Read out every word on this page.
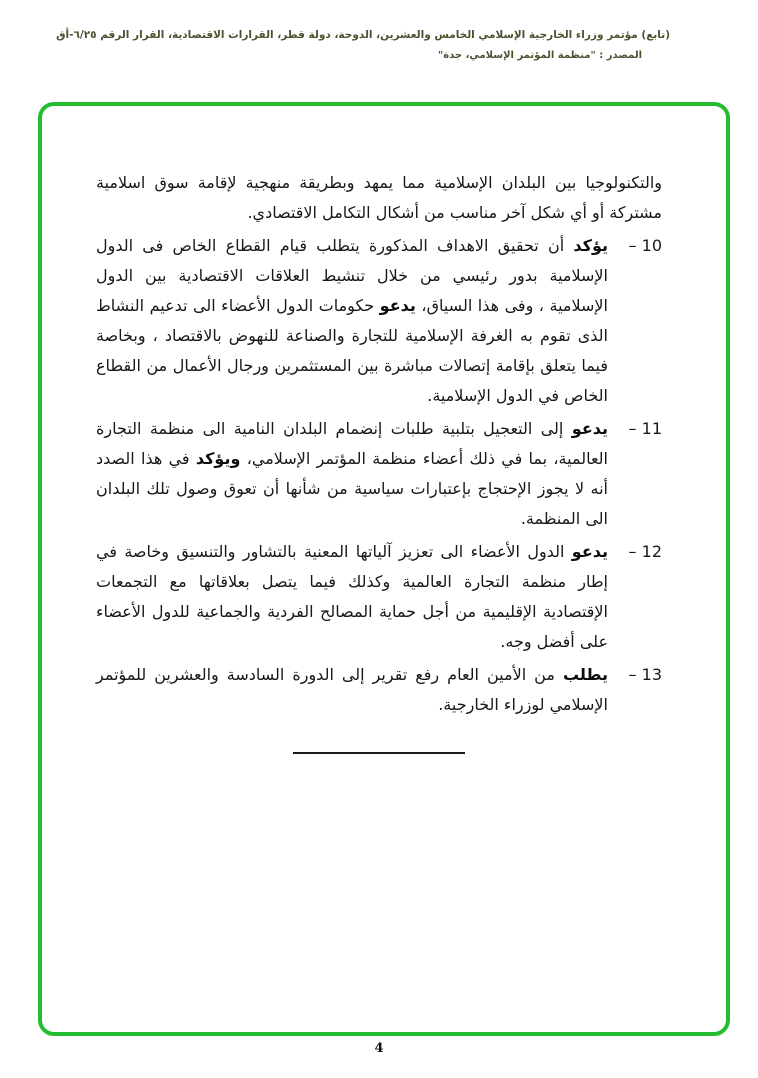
(تابع) مؤتمر وزراء الخارجية الإسلامي الخامس والعشرين، الدوحة، دولة قطر، القرارات الاقتصادية، القرار الرقم ٦/٢٥-أق
المصدر : "منظمة المؤتمر الإسلامي، جدة"

والتكنولوجيا بين البلدان الإسلامية مما يمهد وبطريقة منهجية لإقامة سوق اسلامية مشتركة أو أي شكل آخر مناسب من أشكال التكامل الاقتصادي.

10 –

يؤكد أن تحقيق الاهداف المذكورة يتطلب قيام القطاع الخاص فى الدول الإسلامية بدور رئيسي من خلال تنشيط العلاقات الاقتصادية بين الدول الإسلامية ، وفى هذا السياق، يدعو حكومات الدول الأعضاء الى تدعيم النشاط الذى تقوم به الغرفة الإسلامية للتجارة والصناعة للنهوض بالاقتصاد ، وبخاصة فيما يتعلق بإقامة إتصالات مباشرة بين المستثمرين ورجال الأعمال من القطاع الخاص في الدول الإسلامية.

11 –

يدعو إلى التعجيل بتلبية طلبات إنضمام البلدان النامية الى منظمة التجارة العالمية، بما في ذلك أعضاء منظمة المؤتمر الإسلامي، ويؤكد في هذا الصدد أنه لا يجوز الإحتجاج بإعتبارات سياسية من شأنها أن تعوق وصول تلك البلدان الى المنظمة.

12 –

يدعو الدول الأعضاء الى تعزيز آلياتها المعنية بالتشاور والتنسيق وخاصة في إطار منظمة التجارة العالمية وكذلك فيما يتصل بعلاقاتها مع التجمعات الإقتصادية الإقليمية من أجل حماية المصالح الفردية والجماعية للدول الأعضاء على أفضل وجه.

13 –

يطلب من الأمين العام رفع تقرير إلى الدورة السادسة والعشرين للمؤتمر الإسلامي لوزراء الخارجية.

4
